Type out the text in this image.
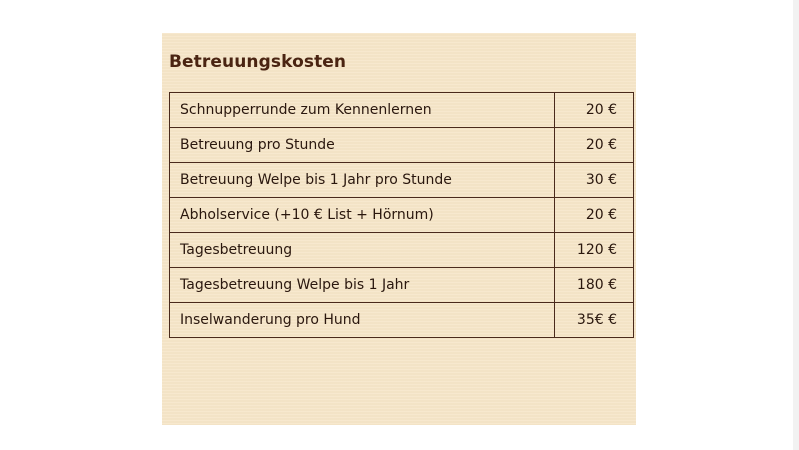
Betreuungskosten
Schnupperrunde zum Kennenlernen	20 €
Betreuung pro Stunde	20 €
Betreuung Welpe bis 1 Jahr pro Stunde	30 €
Abholservice (+10 € List + Hörnum)	20 €
Tagesbetreuung	120 €
Tagesbetreuung Welpe bis 1 Jahr	180 €
Inselwanderung pro Hund	35€ €
